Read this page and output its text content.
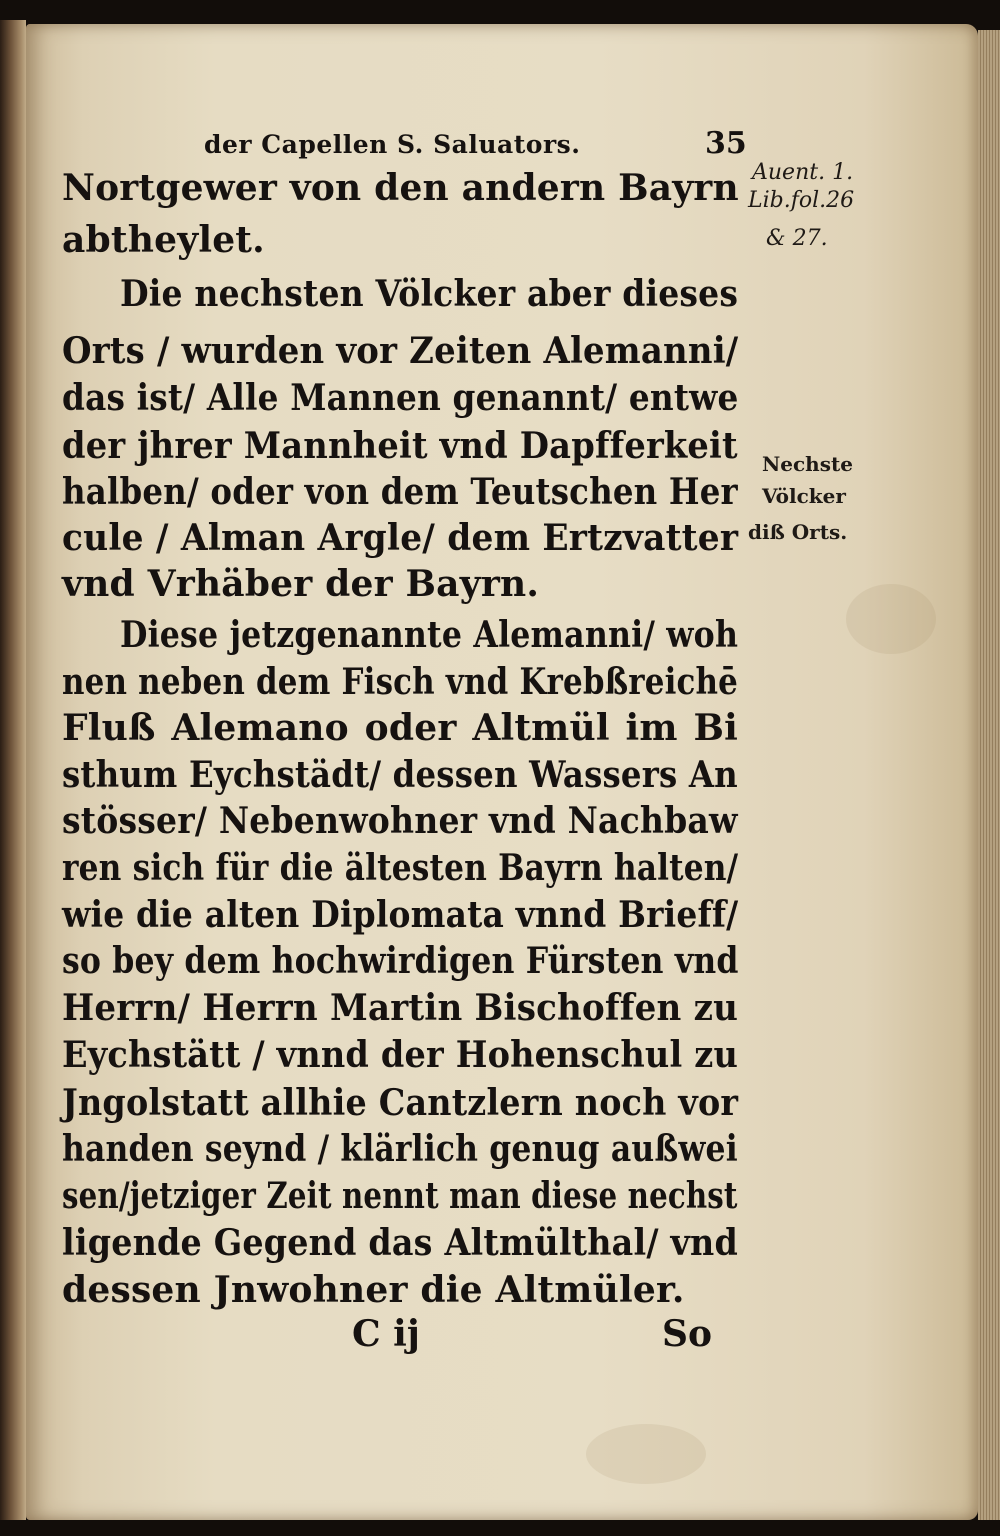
der Capellen S. Saluators.	35
Nortgewer von den andern Bayrn
abtheylet.
Die nechsten Völcker aber dieses
Orts / wurden vor Zeiten Alemanni/
das ist/ Alle Mannen genannt/ entwe
der jhrer Mannheit vnd Dapfferkeit
halben/ oder von dem Teutschen Her
cule / Alman Argle/ dem Ertzvatter
vnd Vrhäber der Bayrn.
Diese jetzgenannte Alemanni/ woh
nen neben dem Fisch vnd Krebßreichē
Fluß Alemano oder Altmül im Bi
sthum Eychstädt/ dessen Wassers An
stösser/ Nebenwohner vnd Nachbaw
ren sich für die ältesten Bayrn halten/
wie die alten Diplomata vnnd Brieff/
so bey dem hochwirdigen Fürsten vnd
Herrn/ Herrn Martin Bischoffen zu
Eychstätt / vnnd der Hohenschul zu
Jngolstatt allhie Cantzlern noch vor
handen seynd / klärlich genug außwei
sen/jetziger Zeit nennt man diese nechst
ligende Gegend das Altmülthal/ vnd
dessen Jnwohner die Altmüler.
Auent. 1.
Lib.fol.26
& 27.
Nechste
Völcker
diß Orts.
C ij	So
